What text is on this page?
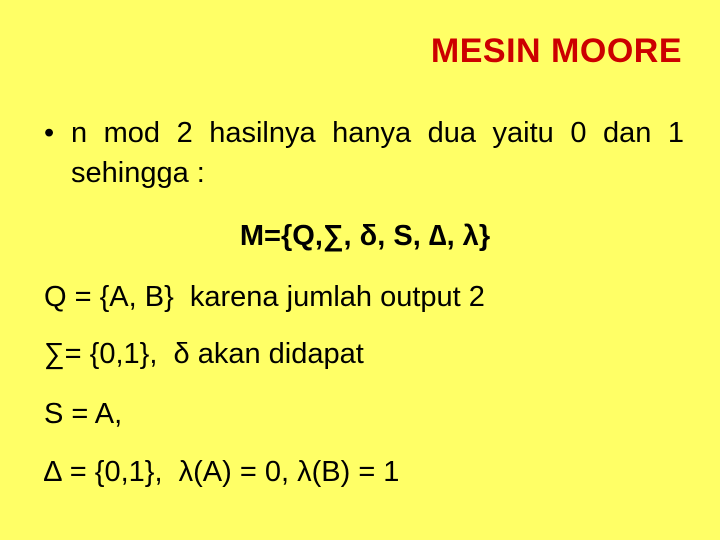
MESIN MOORE
• n mod 2 hasilnya hanya dua yaitu 0 dan 1 sehingga :
M={Q,∑, δ, S, ∆, λ}
Q = {A, B}  karena jumlah output 2
∑= {0,1},  δ akan didapat
S = A,
∆ = {0,1},  λ(A) = 0, λ(B) = 1
